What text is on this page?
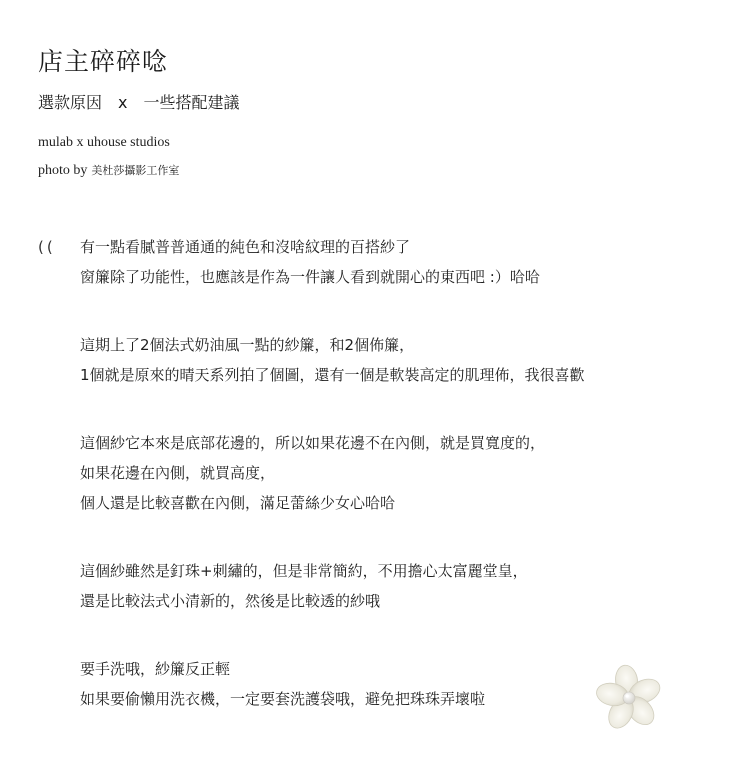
店主碎碎唸
選款原因　x　一些搭配建議
mulab x uhouse studios
photo by 美杜莎攝影工作室
(( 有一點看膩普普通通的純色和沒啥紋理的百搭紗了
窗簾除了功能性，也應該是作為一件讓人看到就開心的東西吧 :）哈哈
這期上了2個法式奶油風一點的紗簾，和2個佈簾，
1個就是原來的晴天系列拍了個圖，還有一個是軟裝高定的肌理佈，我很喜歡
這個紗它本來是底部花邊的，所以如果花邊不在內側，就是買寬度的，
如果花邊在內側，就買高度，
個人還是比較喜歡在內側，滿足蕾絲少女心哈哈
這個紗雖然是釘珠+刺繡的，但是非常簡約，不用擔心太富麗堂皇，
還是比較法式小清新的，然後是比較透的紗哦
要手洗哦，紗簾反正輕
如果要偷懶用洗衣機，一定要套洗護袋哦，避免把珠珠弄壞啦
